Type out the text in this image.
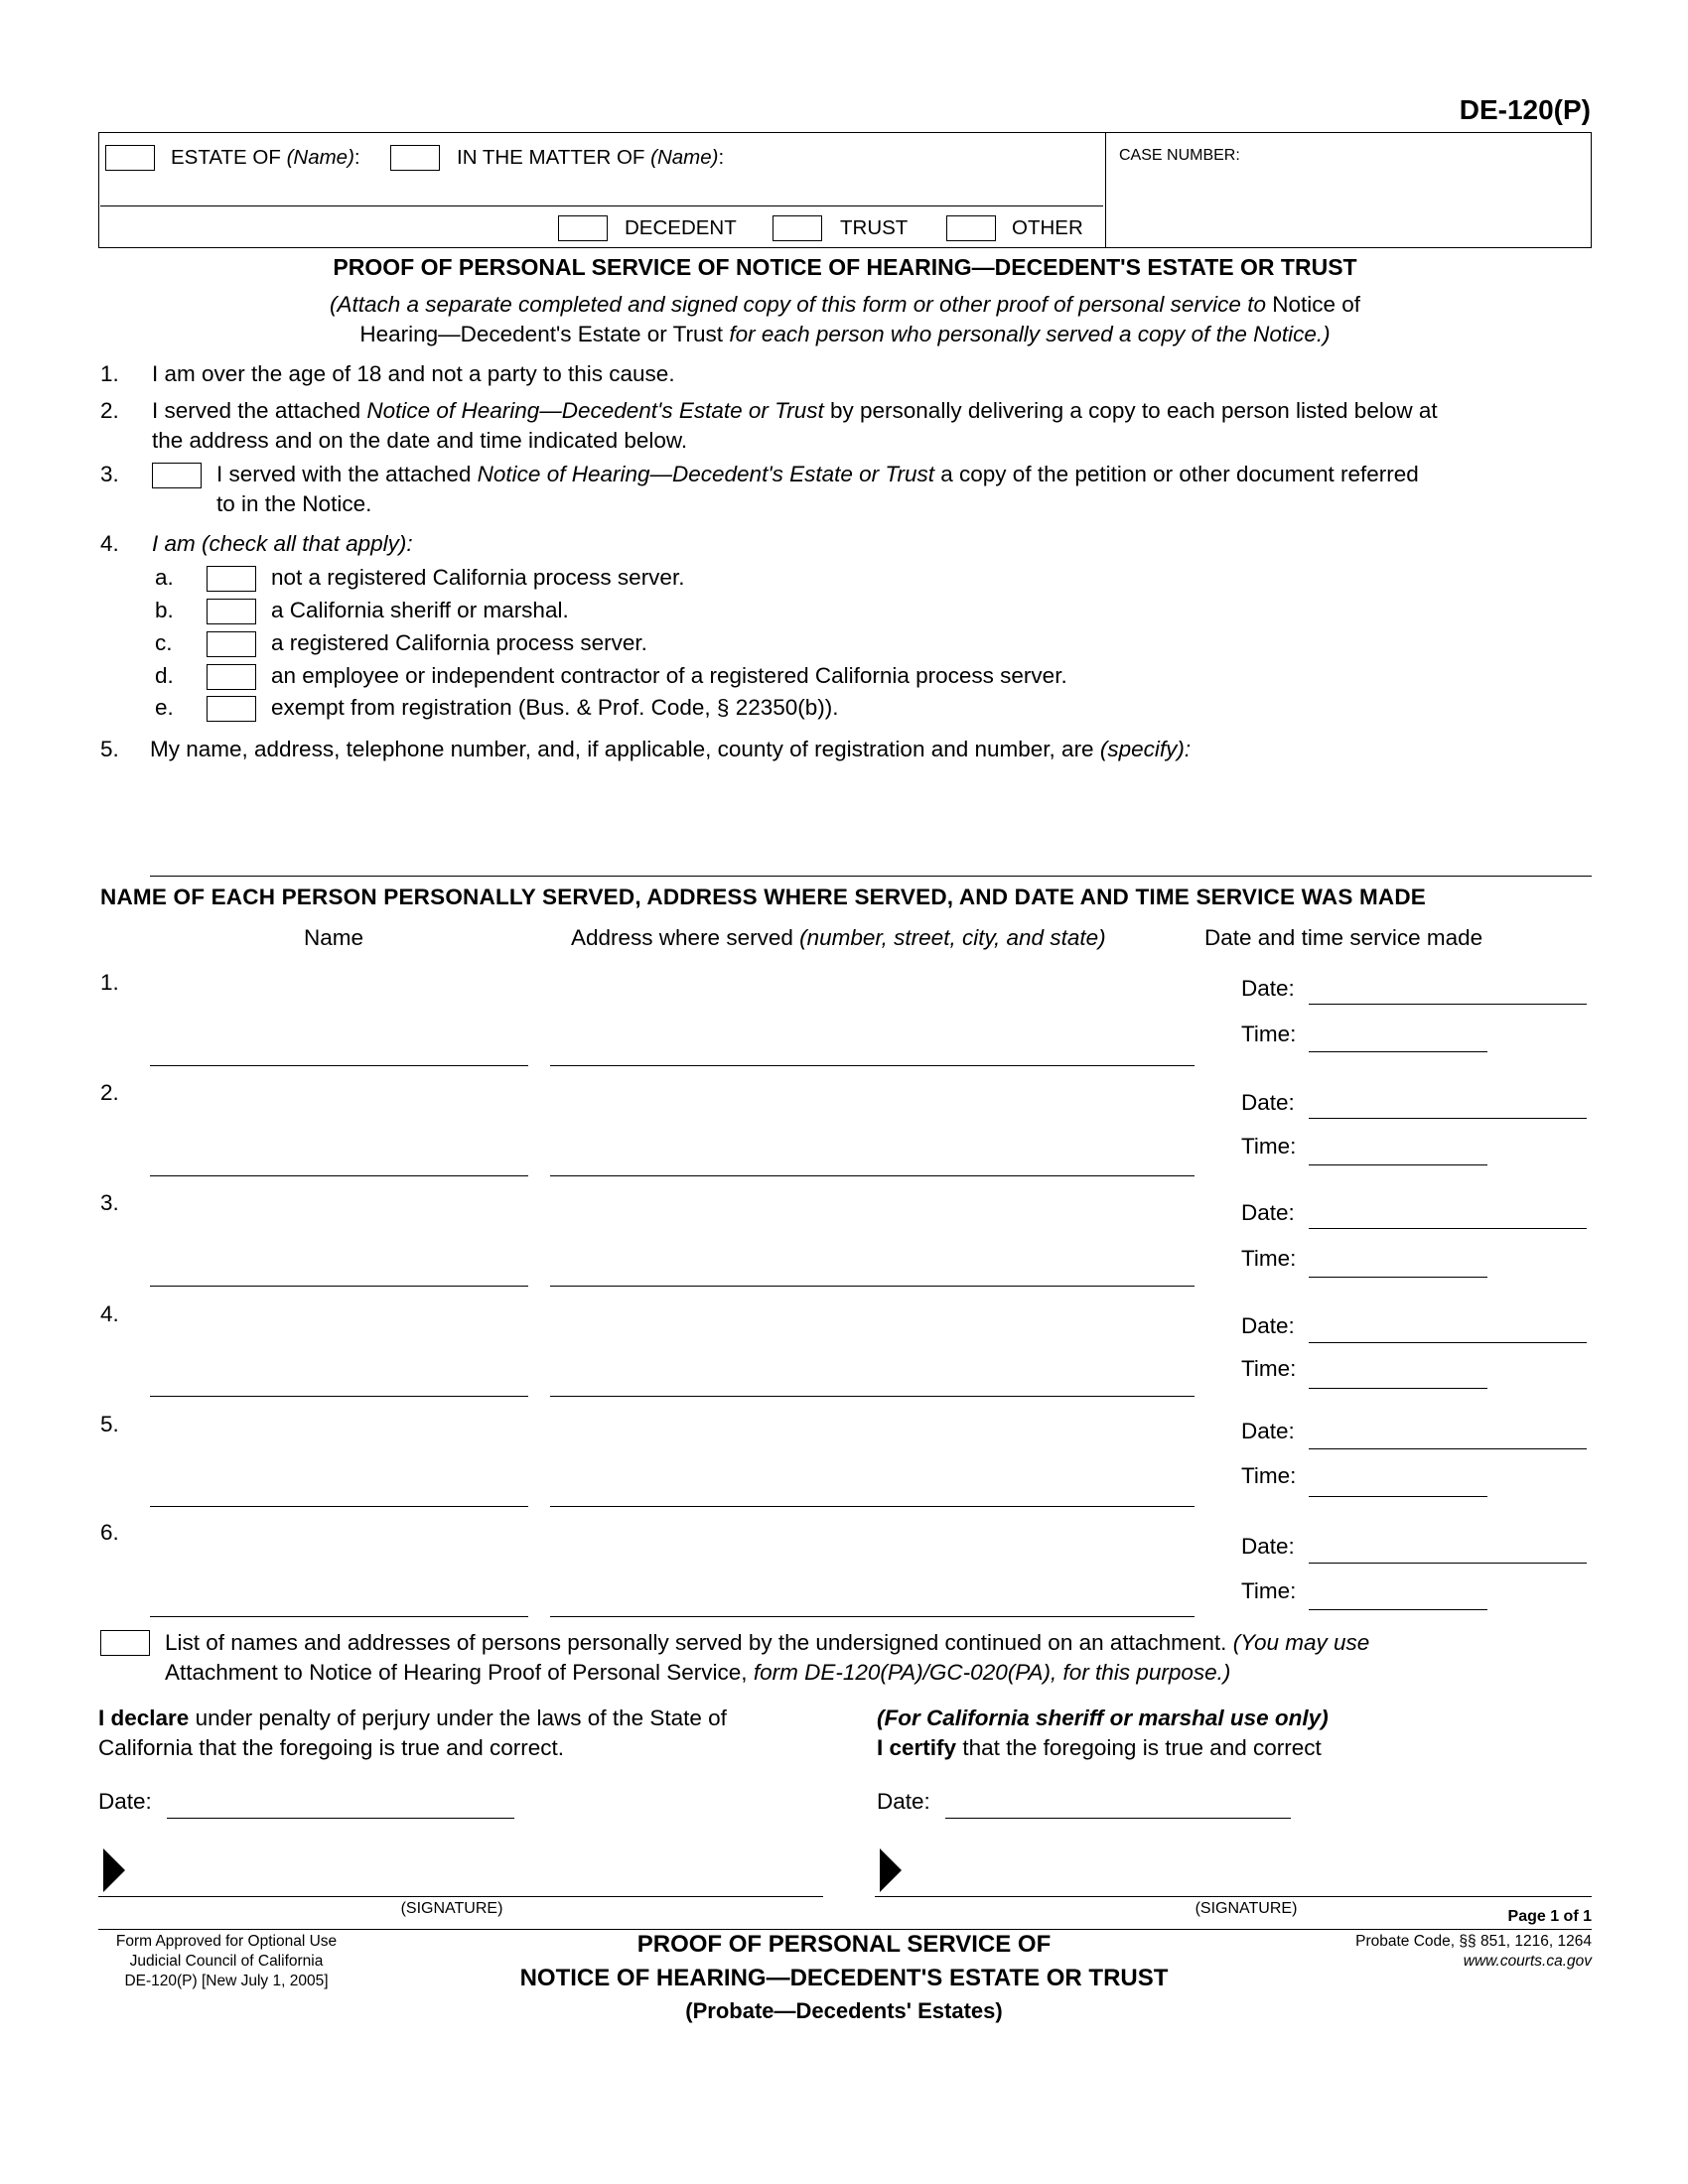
DE-120(P)
ESTATE OF (Name):	IN THE MATTER OF (Name):	CASE NUMBER:
DECEDENT	TRUST	OTHER
PROOF OF PERSONAL SERVICE OF NOTICE OF HEARING—DECEDENT'S ESTATE OR TRUST
(Attach a separate completed and signed copy of this form or other proof of personal service to Notice of
Hearing—Decedent's Estate or Trust for each person who personally served a copy of the Notice.)
1. I am over the age of 18 and not a party to this cause.
2. I served the attached Notice of Hearing—Decedent's Estate or Trust by personally delivering a copy to each person listed below at
the address and on the date and time indicated below.
3.	I served with the attached Notice of Hearing—Decedent's Estate or Trust a copy of the petition or other document referred
to in the Notice.
4. I am (check all that apply):
a.	not a registered California process server.
b.	a California sheriff or marshal.
c.	a registered California process server.
d.	an employee or independent contractor of a registered California process server.
e.	exempt from registration (Bus. & Prof. Code, § 22350(b)).
5. My name, address, telephone number, and, if applicable, county of registration and number, are (specify):
NAME OF EACH PERSON PERSONALLY SERVED, ADDRESS WHERE SERVED, AND DATE AND TIME SERVICE WAS MADE
Name	Address where served (number, street, city, and state)	Date and time service made
1.	Date:
Time:
2.	Date:
Time:
3.	Date:
Time:
4.	Date:
Time:
5.	Date:
Time:
6.
Date:
Time:
List of names and addresses of persons personally served by the undersigned continued on an attachment. (You may use
Attachment to Notice of Hearing Proof of Personal Service, form DE-120(PA)/GC-020(PA), for this purpose.)
I declare under penalty of perjury under the laws of the State of
California that the foregoing is true and correct.
Date:
(SIGNATURE)
(For California sheriff or marshal use only)
I certify that the foregoing is true and correct
Date:
(SIGNATURE)	Page 1 of 1
Form Approved for Optional Use
Judicial Council of California
DE-120(P) [New July 1, 2005]
PROOF OF PERSONAL SERVICE OF
NOTICE OF HEARING—DECEDENT'S ESTATE OR TRUST
(Probate—Decedents' Estates)
Probate Code, §§ 851, 1216, 1264
www.courts.ca.gov
